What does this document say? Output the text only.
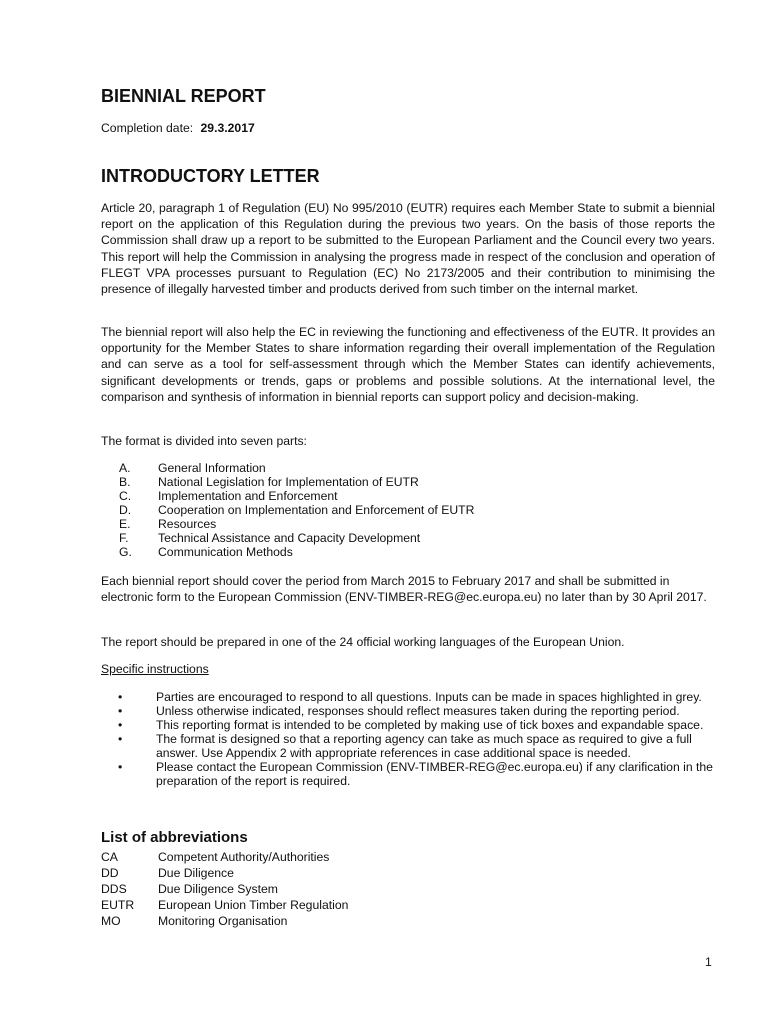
BIENNIAL REPORT
Completion date: 29.3.2017
INTRODUCTORY LETTER

Article 20, paragraph 1 of Regulation (EU) No 995/2010 (EUTR) requires each Member State to submit a biennial report on the application of this Regulation during the previous two years. On the basis of those reports the Commission shall draw up a report to be submitted to the European Parliament and the Council every two years. This report will help the Commission in analysing the progress made in respect of the conclusion and operation of FLEGT VPA processes pursuant to Regulation (EC) No 2173/2005 and their contribution to minimising the presence of illegally harvested timber and products derived from such timber on the internal market.

The biennial report will also help the EC in reviewing the functioning and effectiveness of the EUTR. It provides an opportunity for the Member States to share information regarding their overall implementation of the Regulation and can serve as a tool for self-assessment through which the Member States can identify achievements, significant developments or trends, gaps or problems and possible solutions. At the international level, the comparison and synthesis of information in biennial reports can support policy and decision-making.

The format is divided into seven parts:

A.	General Information
B.	National Legislation for Implementation of EUTR
C.	Implementation and Enforcement
D.	Cooperation on Implementation and Enforcement of EUTR
E.	Resources
F.	Technical Assistance and Capacity Development
G.	Communication Methods

Each biennial report should cover the period from March 2015 to February 2017 and shall be submitted in electronic form to the European Commission (ENV-TIMBER-REG@ec.europa.eu) no later than by 30 April 2017.

The report should be prepared in one of the 24 official working languages of the European Union.

Specific instructions
•	Parties are encouraged to respond to all questions. Inputs can be made in spaces highlighted in grey.
•	Unless otherwise indicated, responses should reflect measures taken during the reporting period.
•	This reporting format is intended to be completed by making use of tick boxes and expandable space.
•	The format is designed so that a reporting agency can take as much space as required to give a full answer. Use Appendix 2 with appropriate references in case additional space is needed.
•	Please contact the European Commission (ENV-TIMBER-REG@ec.europa.eu) if any clarification in the preparation of the report is required.
List of abbreviations
CA	Competent Authority/Authorities
DD	Due Diligence
DDS	Due Diligence System
EUTR	European Union Timber Regulation
MO	Monitoring Organisation
1
